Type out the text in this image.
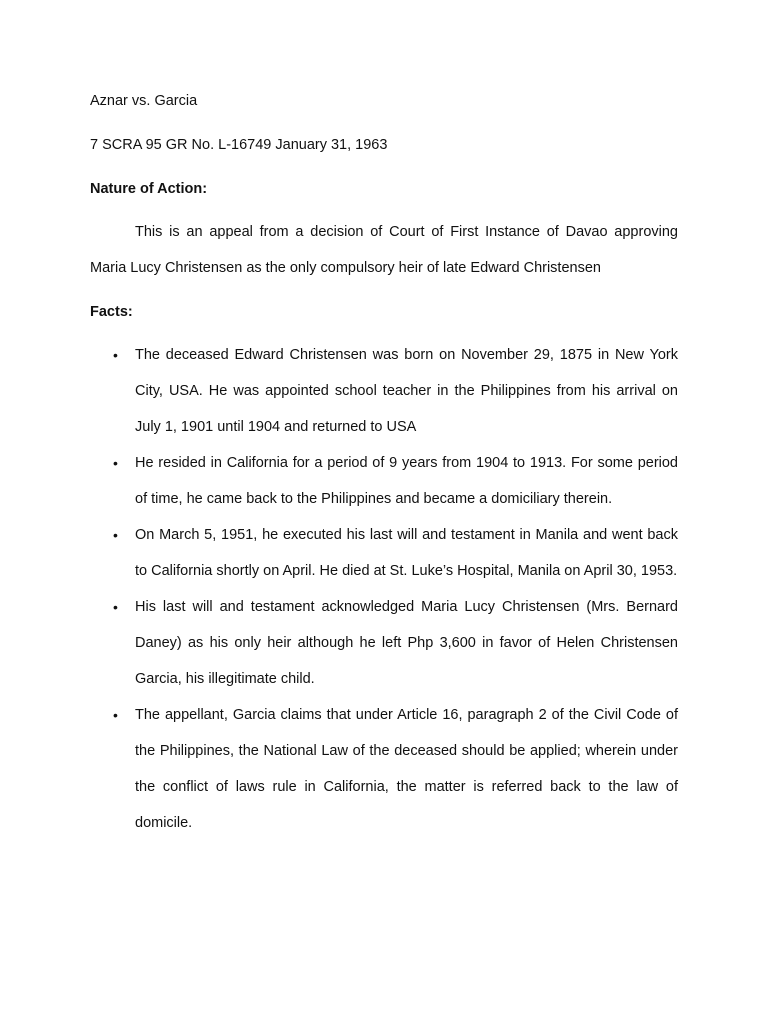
Aznar vs. Garcia
7 SCRA 95 GR No. L-16749 January 31, 1963
Nature of Action:

This is an appeal from a decision of Court of First Instance of Davao approving Maria Lucy Christensen as the only compulsory heir of late Edward Christensen

Facts:
• The deceased Edward Christensen was born on November 29, 1875 in New York City, USA. He was appointed school teacher in the Philippines from his arrival on July 1, 1901 until 1904 and returned to USA
• He resided in California for a period of 9 years from 1904 to 1913. For some period of time, he came back to the Philippines and became a domiciliary therein.
• On March 5, 1951, he executed his last will and testament in Manila and went back to California shortly on April. He died at St. Luke’s Hospital, Manila on April 30, 1953.
• His last will and testament acknowledged Maria Lucy Christensen (Mrs. Bernard Daney) as his only heir although he left Php 3,600 in favor of Helen Christensen Garcia, his illegitimate child.
• The appellant, Garcia claims that under Article 16, paragraph 2 of the Civil Code of the Philippines, the National Law of the deceased should be applied; wherein under the conflict of laws rule in California, the matter is referred back to the law of domicile.
